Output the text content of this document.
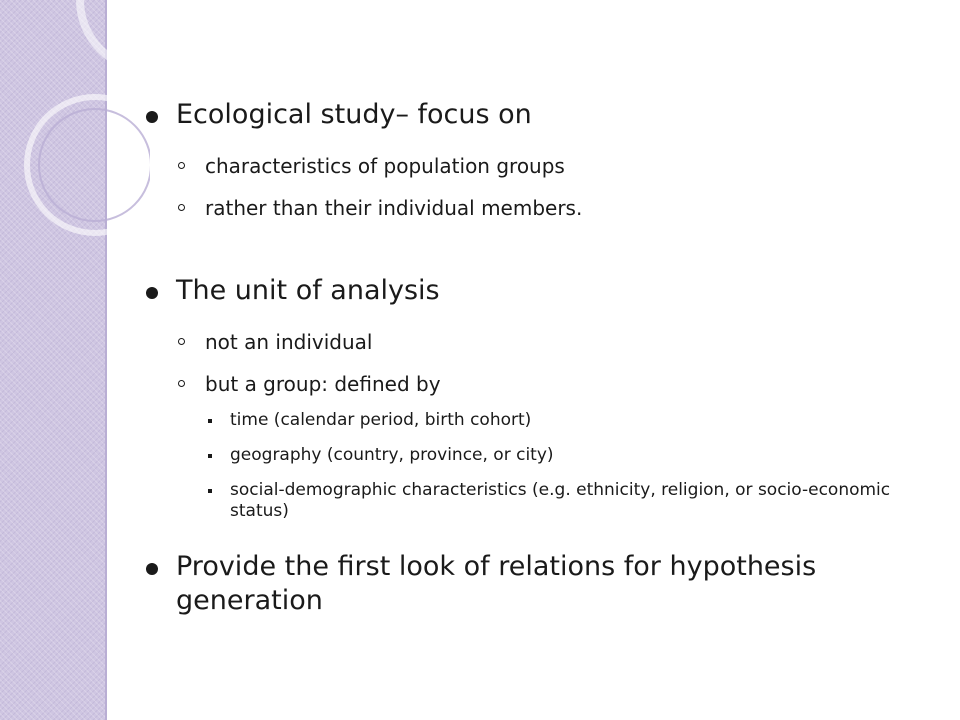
Ecological study– focus on
characteristics of population groups
rather than their individual members.
The unit of analysis
not an individual
but a group: defined by
time (calendar period, birth cohort)
geography (country, province, or city)
social-demographic characteristics (e.g. ethnicity, religion, or socio-economic status)
Provide the first look of relations for hypothesis generation
